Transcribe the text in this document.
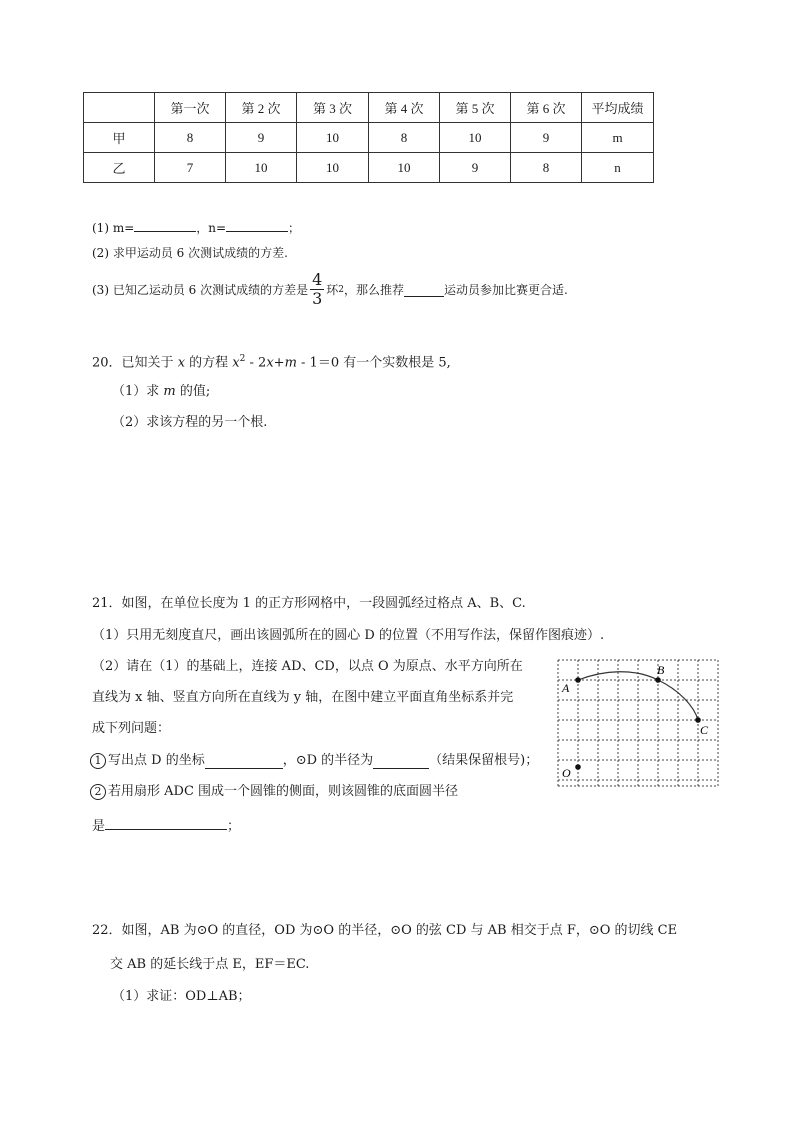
	第一次	第 2 次	第 3 次	第 4 次	第 5 次	第 6 次	平均成绩
甲	8	9	10	8	10	9	m
乙	7	10	10	10	9	8	n
(1) m=	，n=	；
(2) 求甲运动员 6 次测试成绩的方差.
(3) 已知乙运动员 6 次测试成绩的方差是 $\frac{4}{3}$ 环 2 ，那么推荐	运动员参加比赛更合适.
20．已知关于 x 的方程 $x^2 - 2x+m - 1=0$ 有一个实数根是 5,
（1）求 m 的值;
（2）求该方程的另一个根.
21．如图，在单位长度为 1 的正方形网格中，一段圆弧经过格点 A、B、C.
（1）只用无刻度直尺，画出该圆弧所在的圆心 D 的位置（不用写作法，保留作图痕迹）.
（2）请在（1）的基础上，连接 AD、CD，以点 O 为原点、水平方向所在
直线为 x 轴、竖直方向所在直线为 y 轴，在图中建立平面直角坐标系并完
成下列问题：
1 写出点 D 的坐标	，⊙D 的半径为	（结果保留根号)；
2 若用扇形 ADC 围成一个圆锥的侧面，则该圆锥的底面圆半径
是	；
A
B
C
O
22．如图，AB 为⊙O 的直径，OD 为⊙O 的半径，⊙O 的弦 CD 与 AB 相交于点 F，⊙O 的切线 CE
交 AB 的延长线于点 E，EF＝EC.
（1）求证：OD⊥AB；
